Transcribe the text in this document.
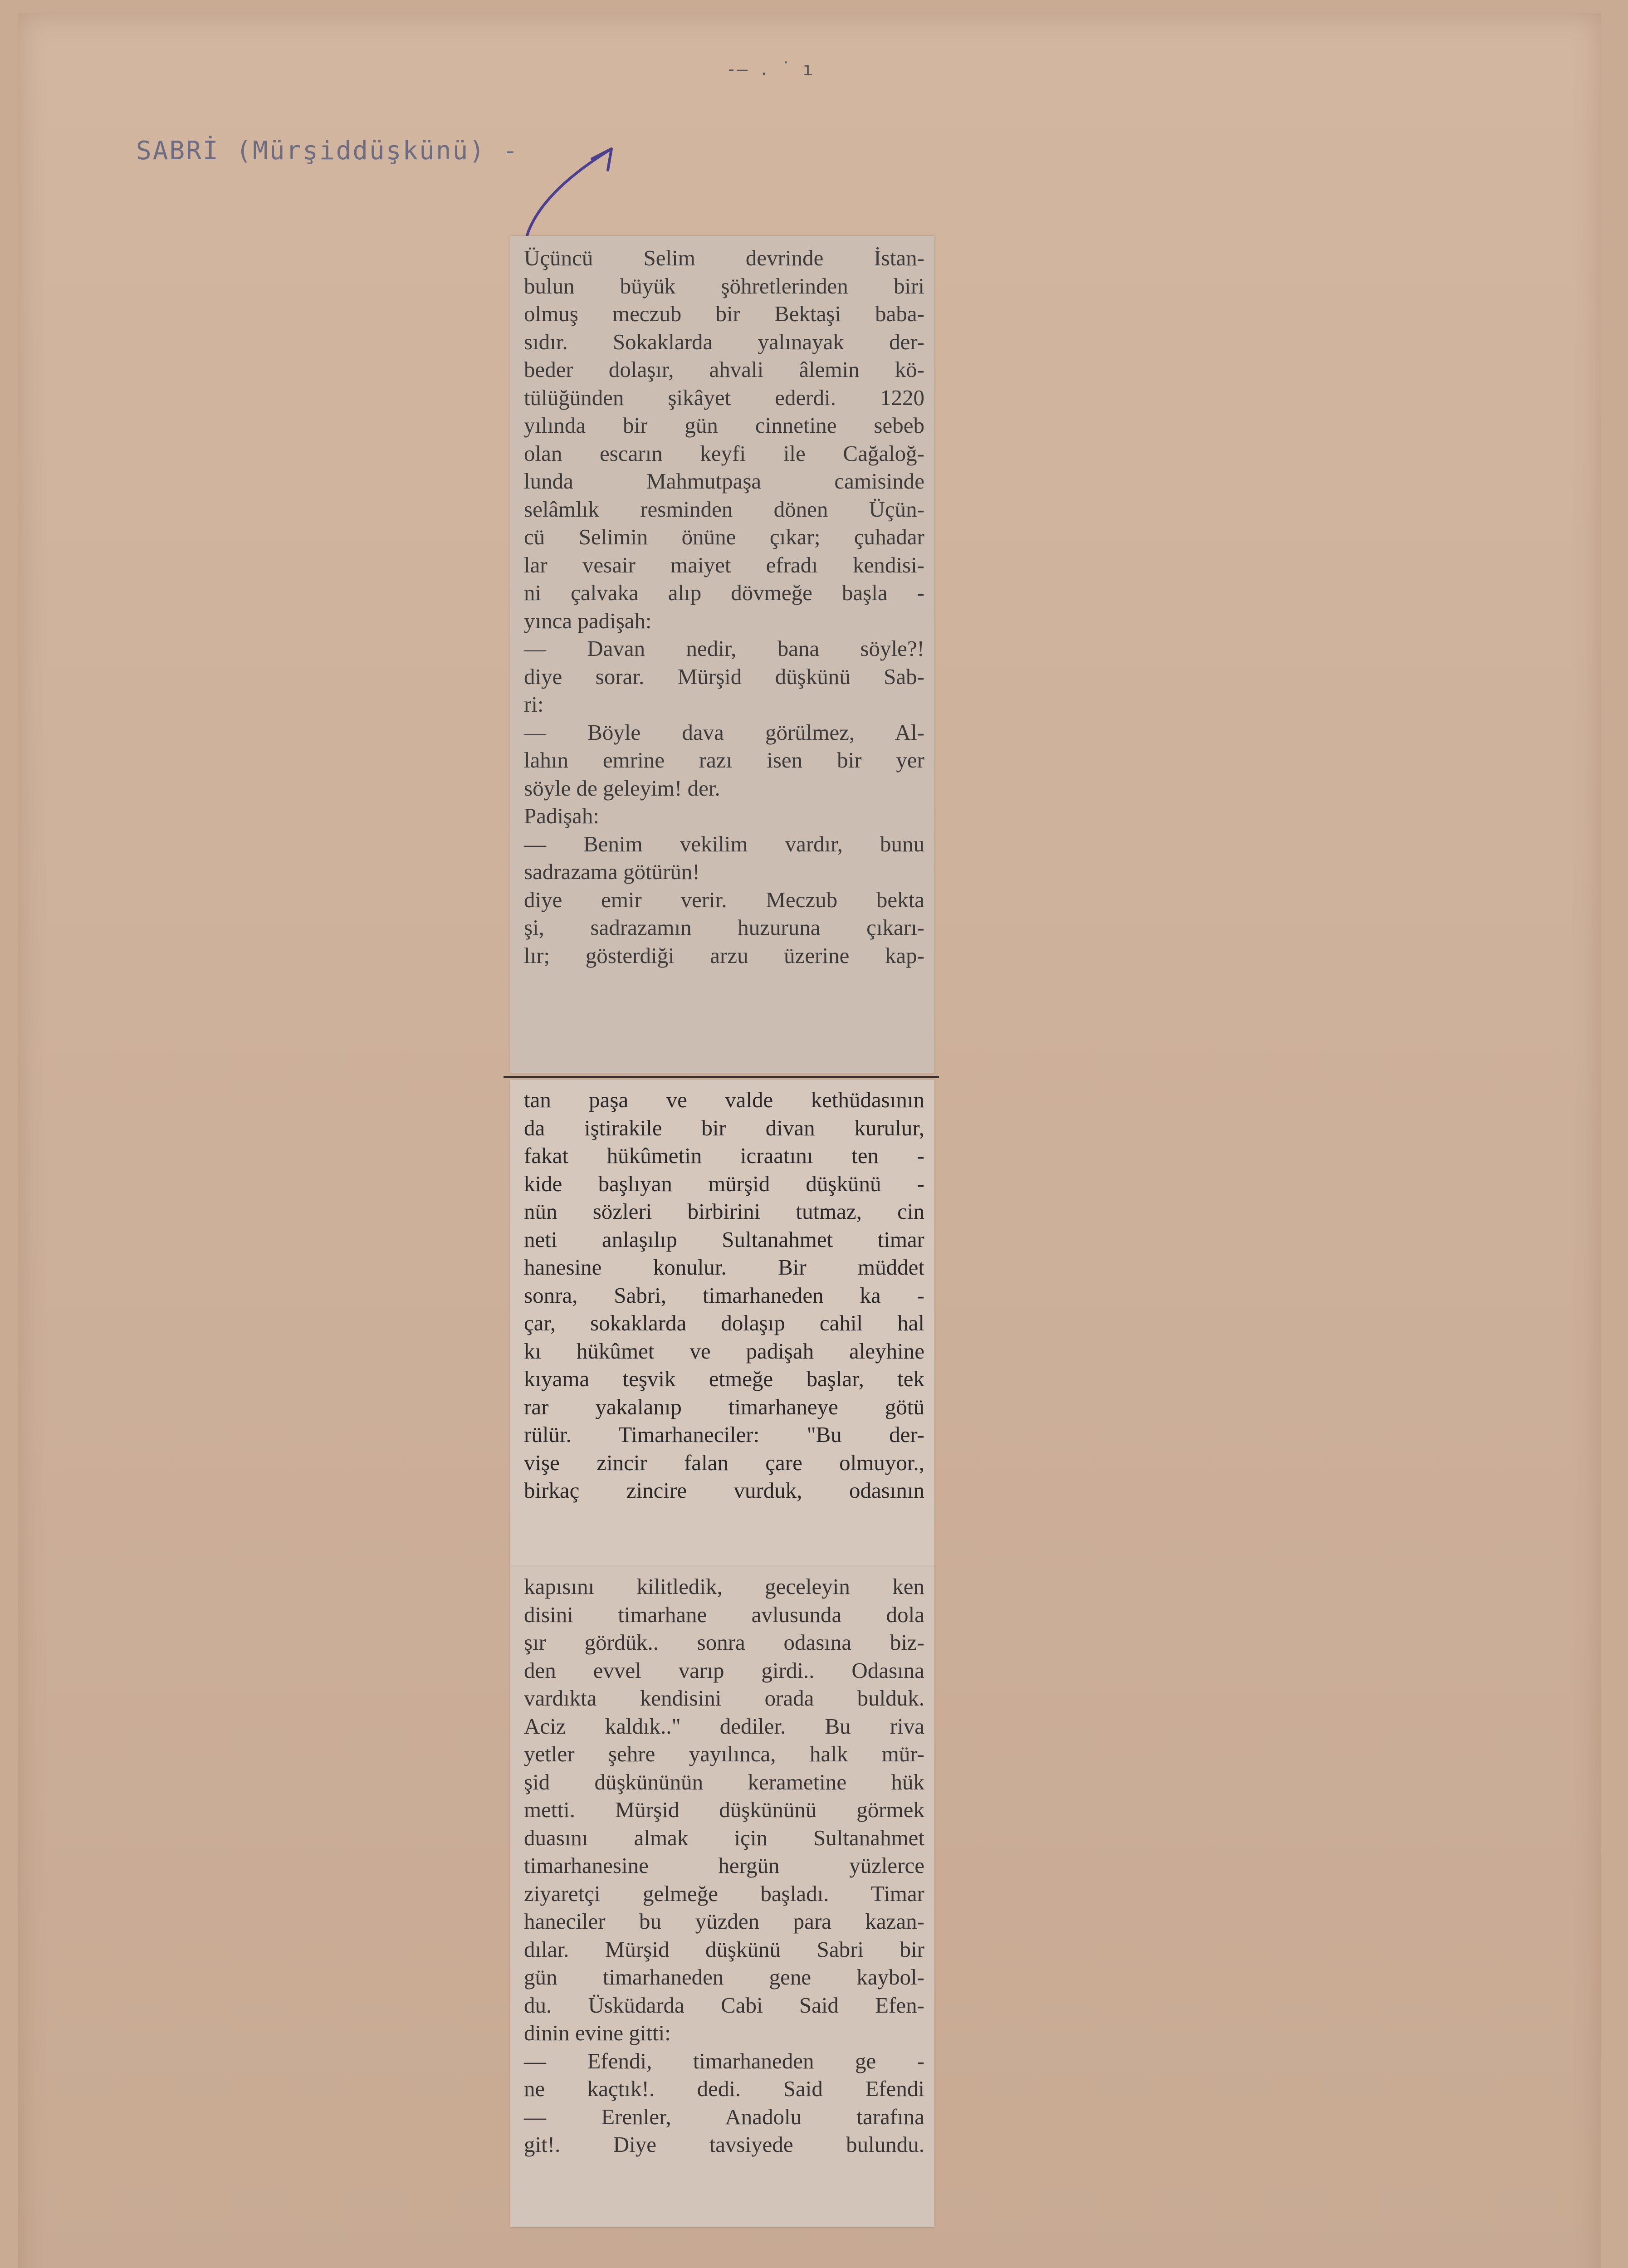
-— . ˙ ı
SABRİ (Mürşiddüşkünü) -
Üçüncü Selim devrinde İstan-
bulun büyük şöhretlerinden biri
olmuş meczub bir Bektaşi baba-
sıdır. Sokaklarda yalınayak der-
beder dolaşır, ahvali âlemin kö-
tülüğünden şikâyet ederdi. 1220
yılında bir gün cinnetine sebeb
olan escarın keyfi ile Cağaloğ-
lunda Mahmutpaşa camisinde
selâmlık resminden dönen Üçün-
cü Selimin önüne çıkar; çuhadar
lar vesair maiyet efradı kendisi-
ni çalvaka alıp dövmeğe başla -
yınca padişah:
— Davan nedir, bana söyle?!
diye sorar. Mürşid düşkünü Sab-
ri:
— Böyle dava görülmez, Al-
lahın emrine razı isen bir yer
söyle de geleyim! der.
Padişah:
— Benim vekilim vardır, bunu
sadrazama götürün!
diye emir verir. Meczub bekta
şi, sadrazamın huzuruna çıkarı-
lır; gösterdiği arzu üzerine kap-
tan paşa ve valde kethüdasının
da iştirakile bir divan kurulur,
fakat hükûmetin icraatını ten -
kide başlıyan mürşid düşkünü -
nün sözleri birbirini tutmaz, cin
neti anlaşılıp Sultanahmet timar
hanesine konulur. Bir müddet
sonra, Sabri, timarhaneden ka -
çar, sokaklarda dolaşıp cahil hal
kı hükûmet ve padişah aleyhine
kıyama teşvik etmeğe başlar, tek
rar yakalanıp timarhaneye götü
rülür. Timarhaneciler: "Bu der-
vişe zincir falan çare olmuyor.,
birkaç zincire vurduk, odasının
kapısını kilitledik, geceleyin ken
disini timarhane avlusunda dola
şır gördük.. sonra odasına biz-
den evvel varıp girdi.. Odasına
vardıkta kendisini orada bulduk.
Aciz kaldık.." dediler. Bu riva
yetler şehre yayılınca, halk mür-
şid düşkününün kerametine hük
metti. Mürşid düşkününü görmek
duasını almak için Sultanahmet
timarhanesine hergün yüzlerce
ziyaretçi gelmeğe başladı. Timar
haneciler bu yüzden para kazan-
dılar. Mürşid düşkünü Sabri bir
gün timarhaneden gene kaybol-
du. Üsküdarda Cabi Said Efen-
dinin evine gitti:
— Efendi, timarhaneden ge -
ne kaçtık!. dedi. Said Efendi
— Erenler, Anadolu tarafına
git!. Diye tavsiyede bulundu.
